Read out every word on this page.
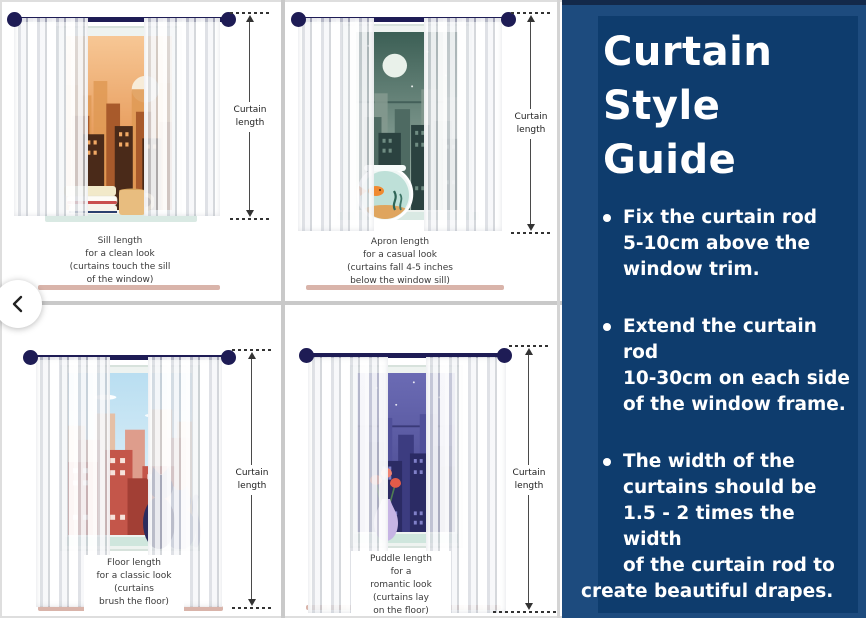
Sill length
for a clean look
(curtains touch the sill
of the window)
Curtain length
Apron length
for a casual look
(curtains fall 4-5 inches
below the window sill)
Curtain length
Floor length
for a classic look
(curtains
brush the floor)
Curtain length
Puddle length
for a
romantic look
(curtains lay
on the floor)
Curtain length
Curtain
Style
Guide
Fix the curtain rod
5-10cm above the
window trim.
Extend the curtain rod
10-30cm on each side
of the window frame.
The width of the
curtains should be
1.5 - 2 times the width
of the curtain rod to
create beautiful drapes.
